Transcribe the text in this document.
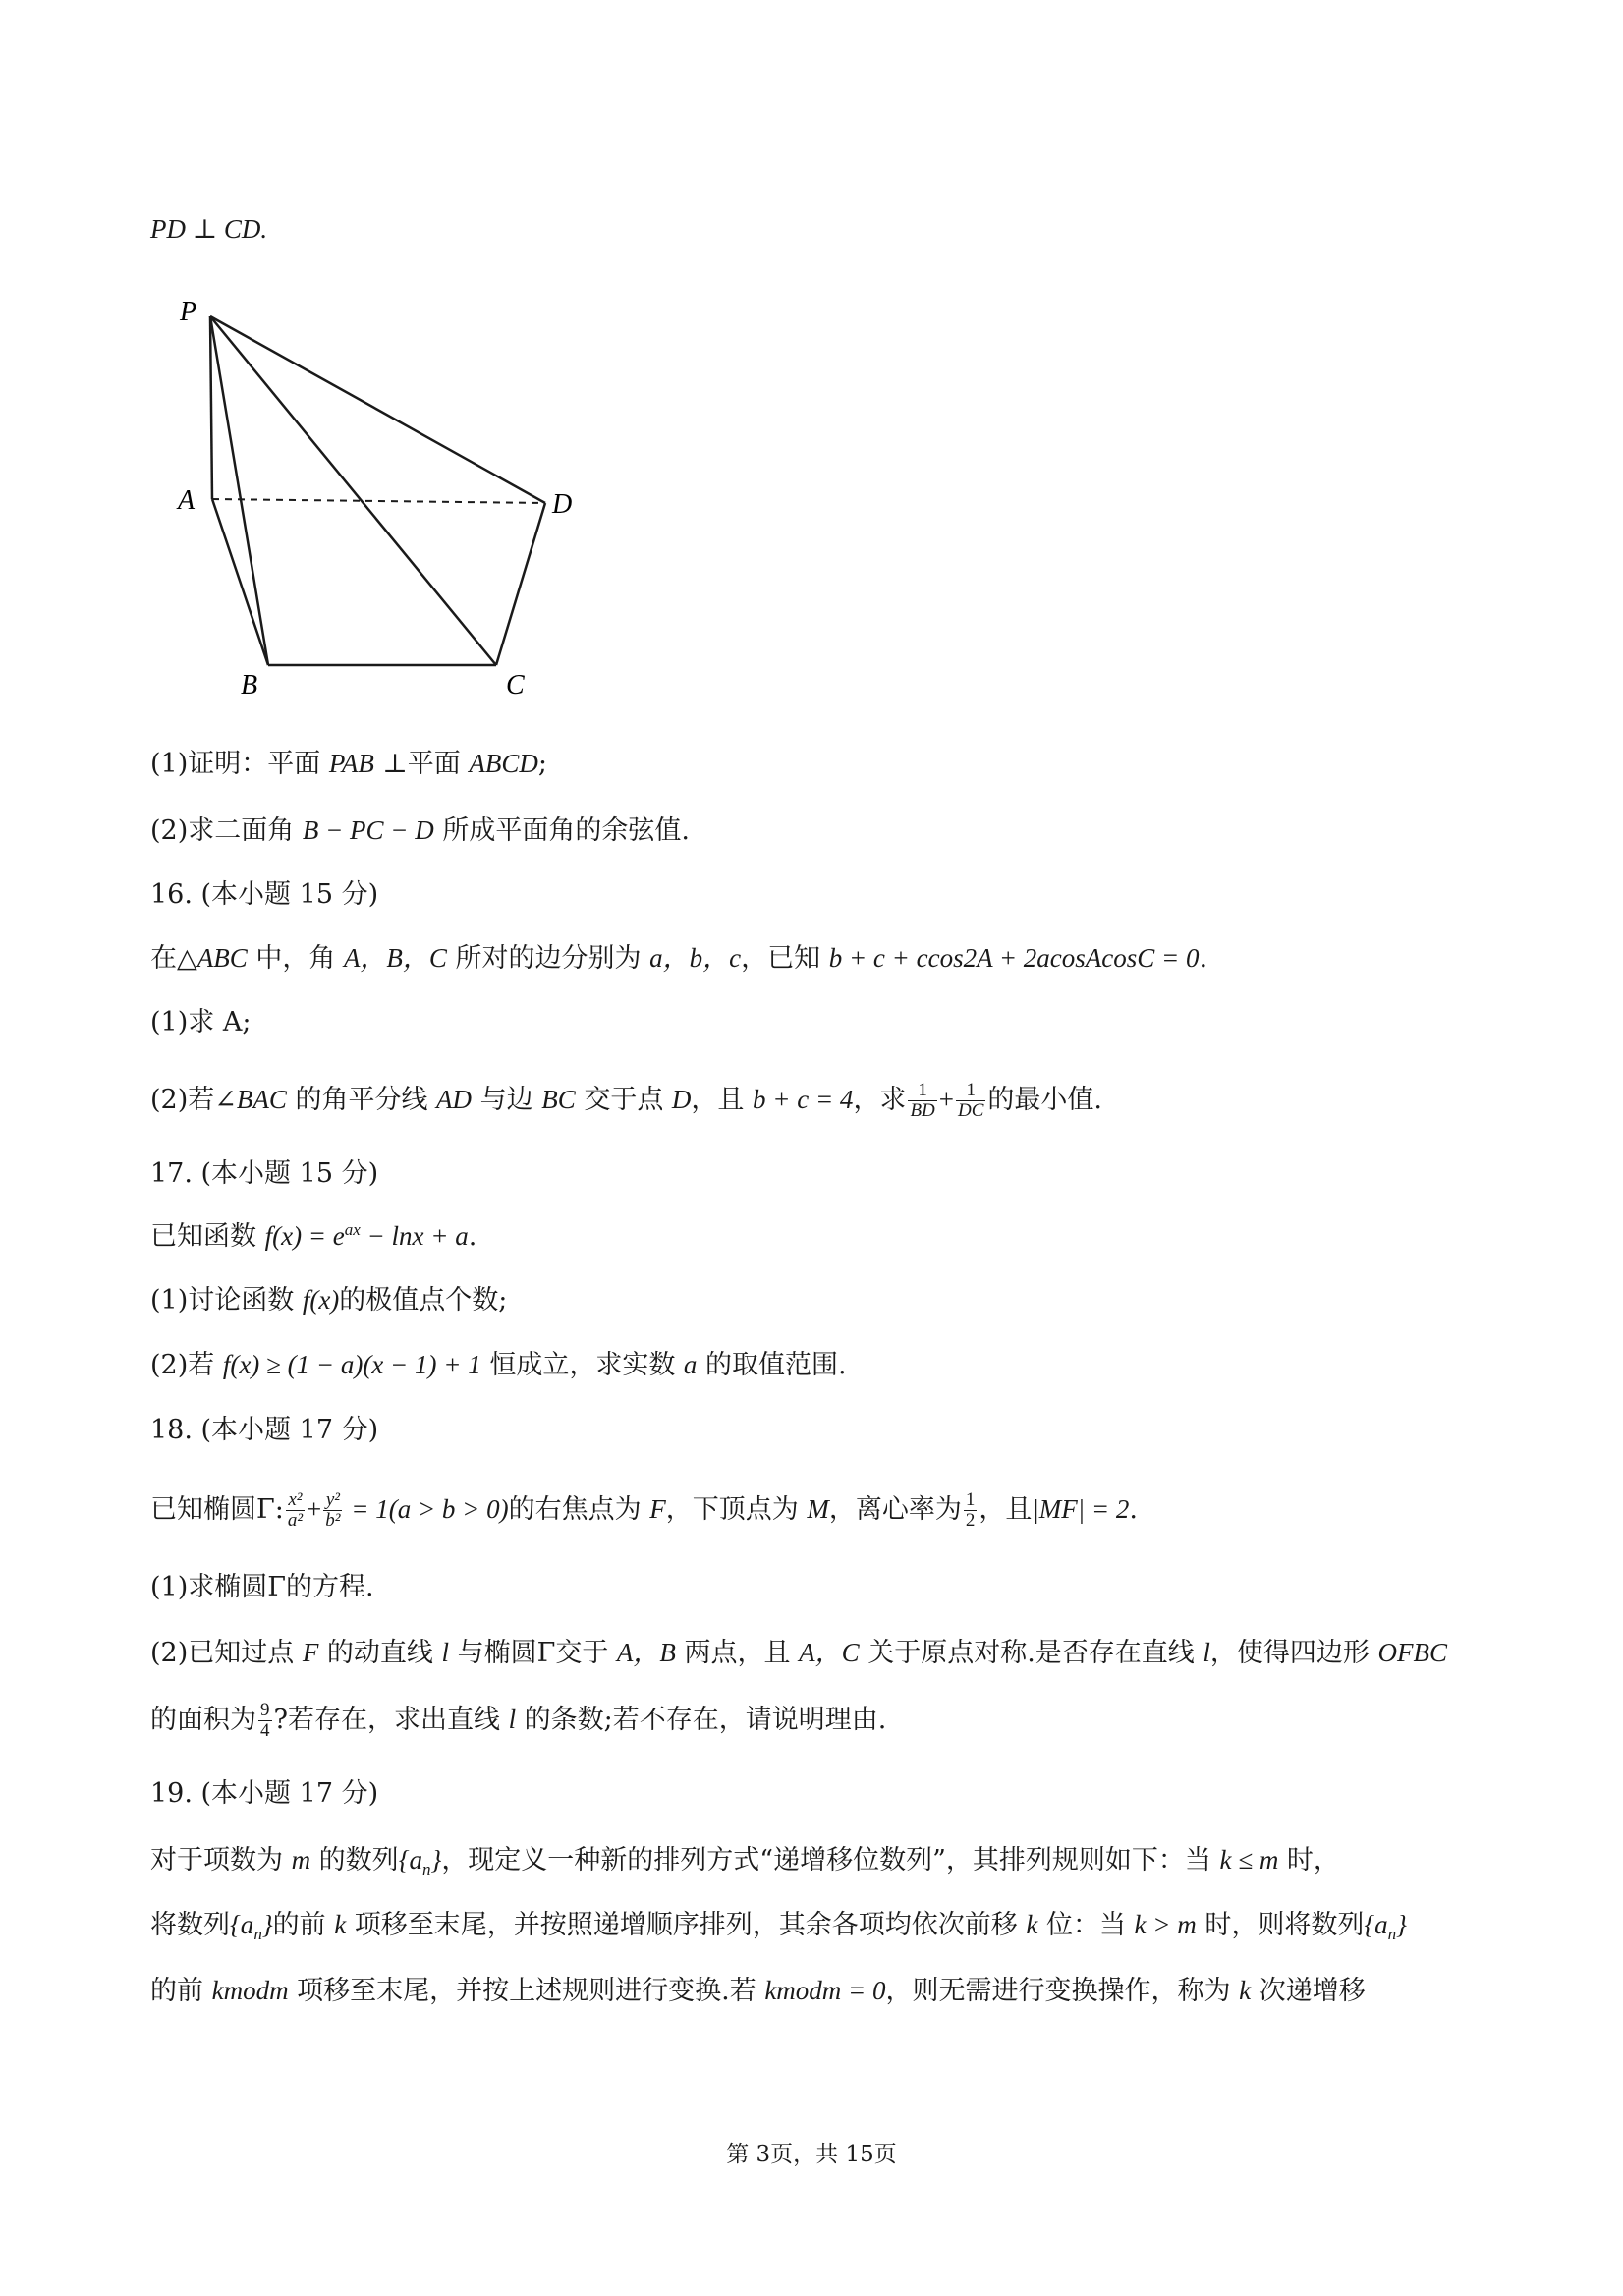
PD ⊥ CD.
P
A
B	C
D
(1)证明：平面 PAB ⊥平面 ABCD;
(2)求二面角 B − PC − D 所成平面角的余弦值.
16. (本小题 15 分)
在△ABC 中，角 A，B，C 所对的边分别为 a，b，c，已知 b + c + ccos2A + 2acosAcosC = 0.
(1)求 A;
(2)若∠BAC 的角平分线 AD 与边 BC 交于点 D，且 b + c = 4，求 $\frac{1}{BD} + \frac{1}{DC}$ 的最小值.
17. (本小题 15 分)
已知函数 $f(x) = e^{ax} - \ln x + a$.
(1)讨论函数 f(x)的极值点个数;
(2)若 f(x) ≥ (1 − a)(x − 1) + 1 恒成立，求实数 a 的取值范围.
18. (本小题 17 分)
已知椭圆Γ: $\frac{\text{x²}}{\text{a²}} + \frac{\text{y²}}{\text{b²}} = 1(a > b > 0)$的右焦点为 F，下顶点为 M，离心率为 $\frac{1}{2}$ ，且|MF| = 2.
(1)求椭圆Γ的方程.
(2)已知过点 F 的动直线 l 与椭圆Γ交于 A，B 两点，且 A，C 关于原点对称.是否存在直线 l，使得四边形 OFBC
的面积为 $\frac{9}{4}$ ?若存在，求出直线 l 的条数;若不存在，请说明理由.
19. (本小题 17 分)
对于项数为 m 的数列$\{a_n\}$，现定义一种新的排列方式“递增移位数列”，其排列规则如下：当 k ≤ m 时，
将数列$\{a_n\}$的前 k 项移至末尾，并按照递增顺序排列，其余各项均依次前移 k 位：当 k > m 时，则将数列$\{a_n\}$
的前 kmodm 项移至末尾，并按上述规则进行变换.若 kmodm = 0，则无需进行变换操作，称为 k 次递增移
第 3页，共 15页
